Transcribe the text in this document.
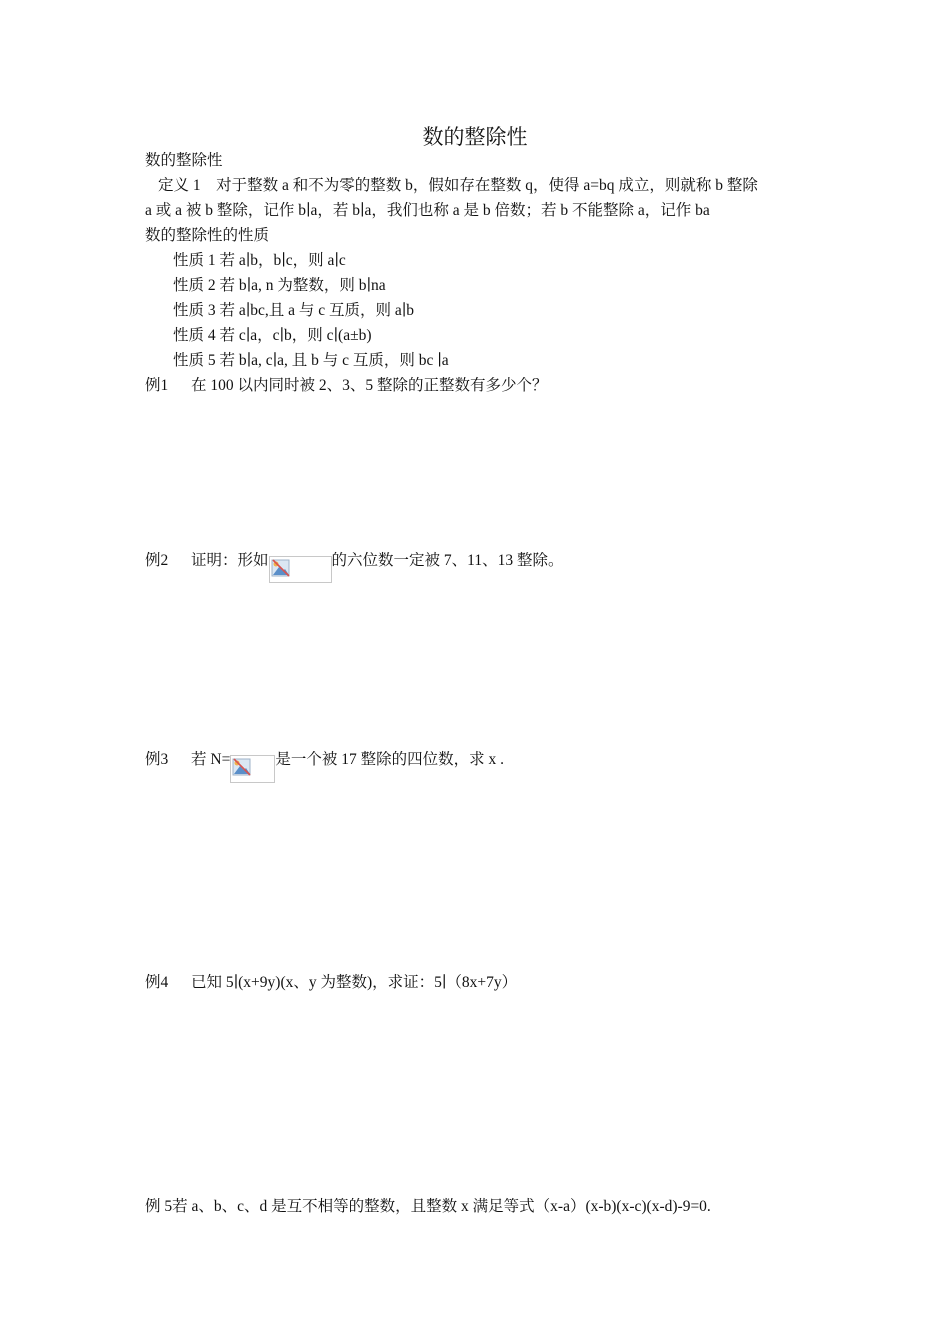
数的整除性
数的整除性
定义 1　对于整数 a 和不为零的整数 b，假如存在整数 q，使得 a=bq 成立，则就称 b 整除
a 或 a 被 b 整除，记作 b∣a，若 b∣a，我们也称 a 是 b 倍数；若 b 不能整除 a，记作 ba
数的整除性的性质
性质 1 若 a∣b，b∣c，则 a∣c
性质 2 若 b∣a, n 为整数，则 b∣na
性质 3 若 a∣bc,且 a 与 c 互质，则 a∣b
性质 4 若 c∣a，c∣b，则 c∣(a±b)
性质 5 若 b∣a, c∣a, 且 b 与 c 互质，则 bc ∣a
例1 在 100 以内同时被 2、3、5 整除的正整数有多少个？
例2 证明：形如	的六位数一定被 7、11、13 整除。
例3 若 N=	是一个被 17 整除的四位数，求 x .
例4 已知 5∣(x+9y)(x、y 为整数)，求证：5∣（8x+7y）
例 5若 a、b、c、d 是互不相等的整数，且整数 x 满足等式（x-a）(x-b)(x-c)(x-d)-9=0.
